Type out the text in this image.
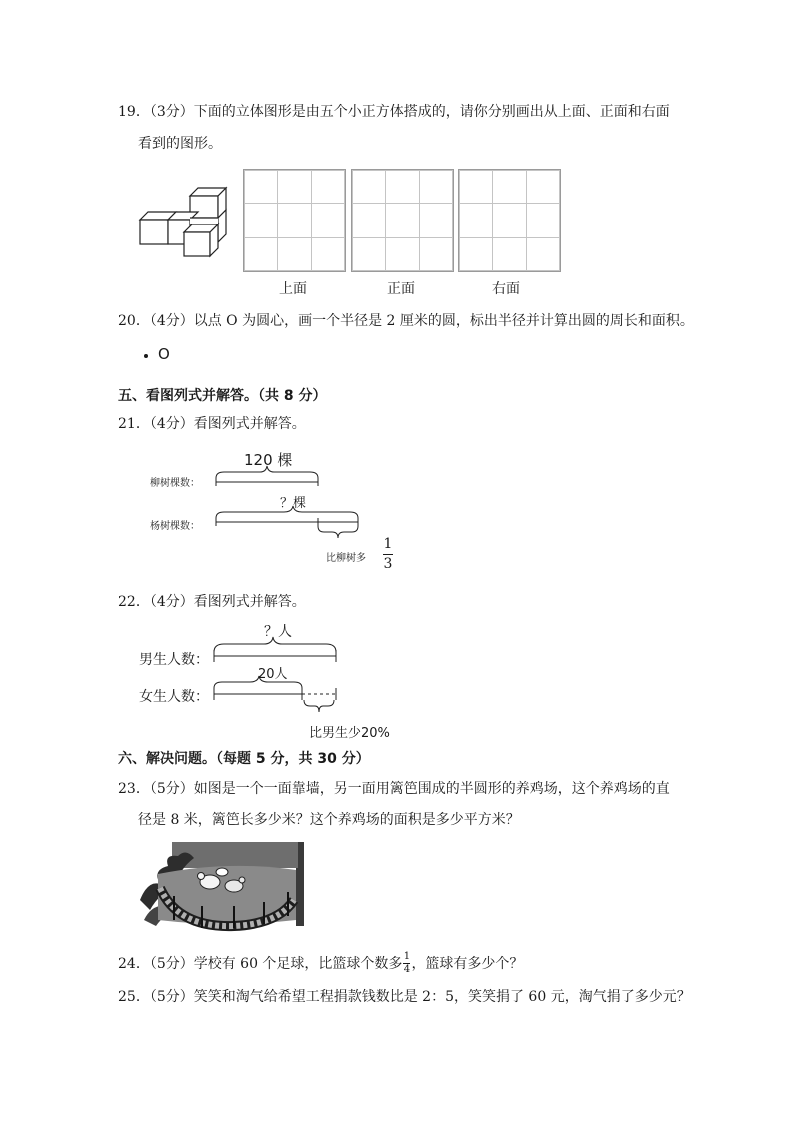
19．（3分）下面的立体图形是由五个小正方体搭成的，请你分别画出从上面、正面和右面
看到的图形。

上面	正面	右面
20．（4分）以点 O 为圆心，画一个半径是 2 厘米的圆，标出半径并计算出圆的周长和面积。
O
五、看图列式并解答。（共 8 分）
21．（4分）看图列式并解答。
120 棵
柳树棵数：
？棵
杨树棵数：
比柳树多
1
3
22．（4分）看图列式并解答。
？人
男生人数：
20人
女生人数：
比男生少20%
六、解决问题。（每题 5 分，共 30 分）
23．（5分）如图是一个一面靠墙，另一面用篱笆围成的半圆形的养鸡场，这个养鸡场的直
径是 8 米，篱笆长多少米？这个养鸡场的面积是多少平方米？
24．（5分）学校有 60 个足球，比篮球个数多 1
4 ，篮球有多少个？
25．（5分）笑笑和淘气给希望工程捐款钱数比是 2：5，笑笑捐了 60 元，淘气捐了多少元？
